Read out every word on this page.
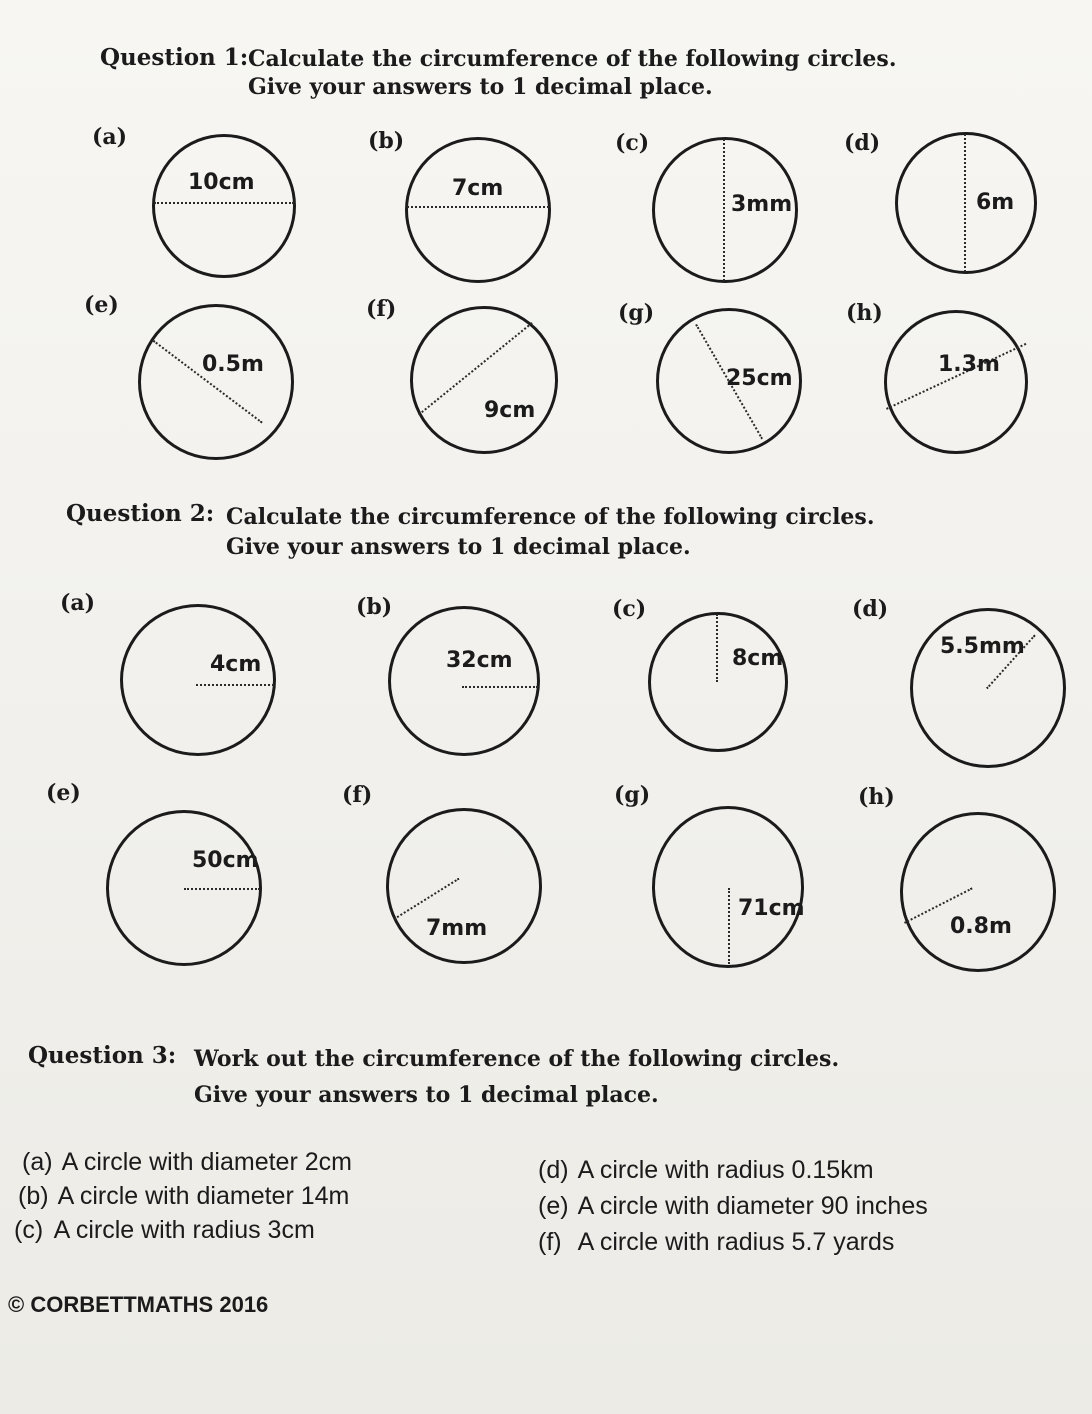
Question 1: Calculate the circumference of the following circles.
Give your answers to 1 decimal place.
(a)
10cm
(b)
7cm
(c)
3mm
(d)
6m
(e)
0.5m
(f)
9cm
(g)
25cm
(h)
1.3m
Question 2: Calculate the circumference of the following circles.
Give your answers to 1 decimal place.
(a)
4cm
(b)
32cm
(c)
8cm
(d)
5.5mm
(e)
50cm
(f)
7mm
(g)
71cm
(h)
0.8m
Question 3: Work out the circumference of the following circles.
Give your answers to 1 decimal place.
(a) A circle with diameter 2cm
(b) A circle with diameter 14m
(c) A circle with radius 3cm
(d) A circle with radius 0.15km
(e) A circle with diameter 90 inches
(f) A circle with radius 5.7 yards
© CORBETTMATHS 2016
